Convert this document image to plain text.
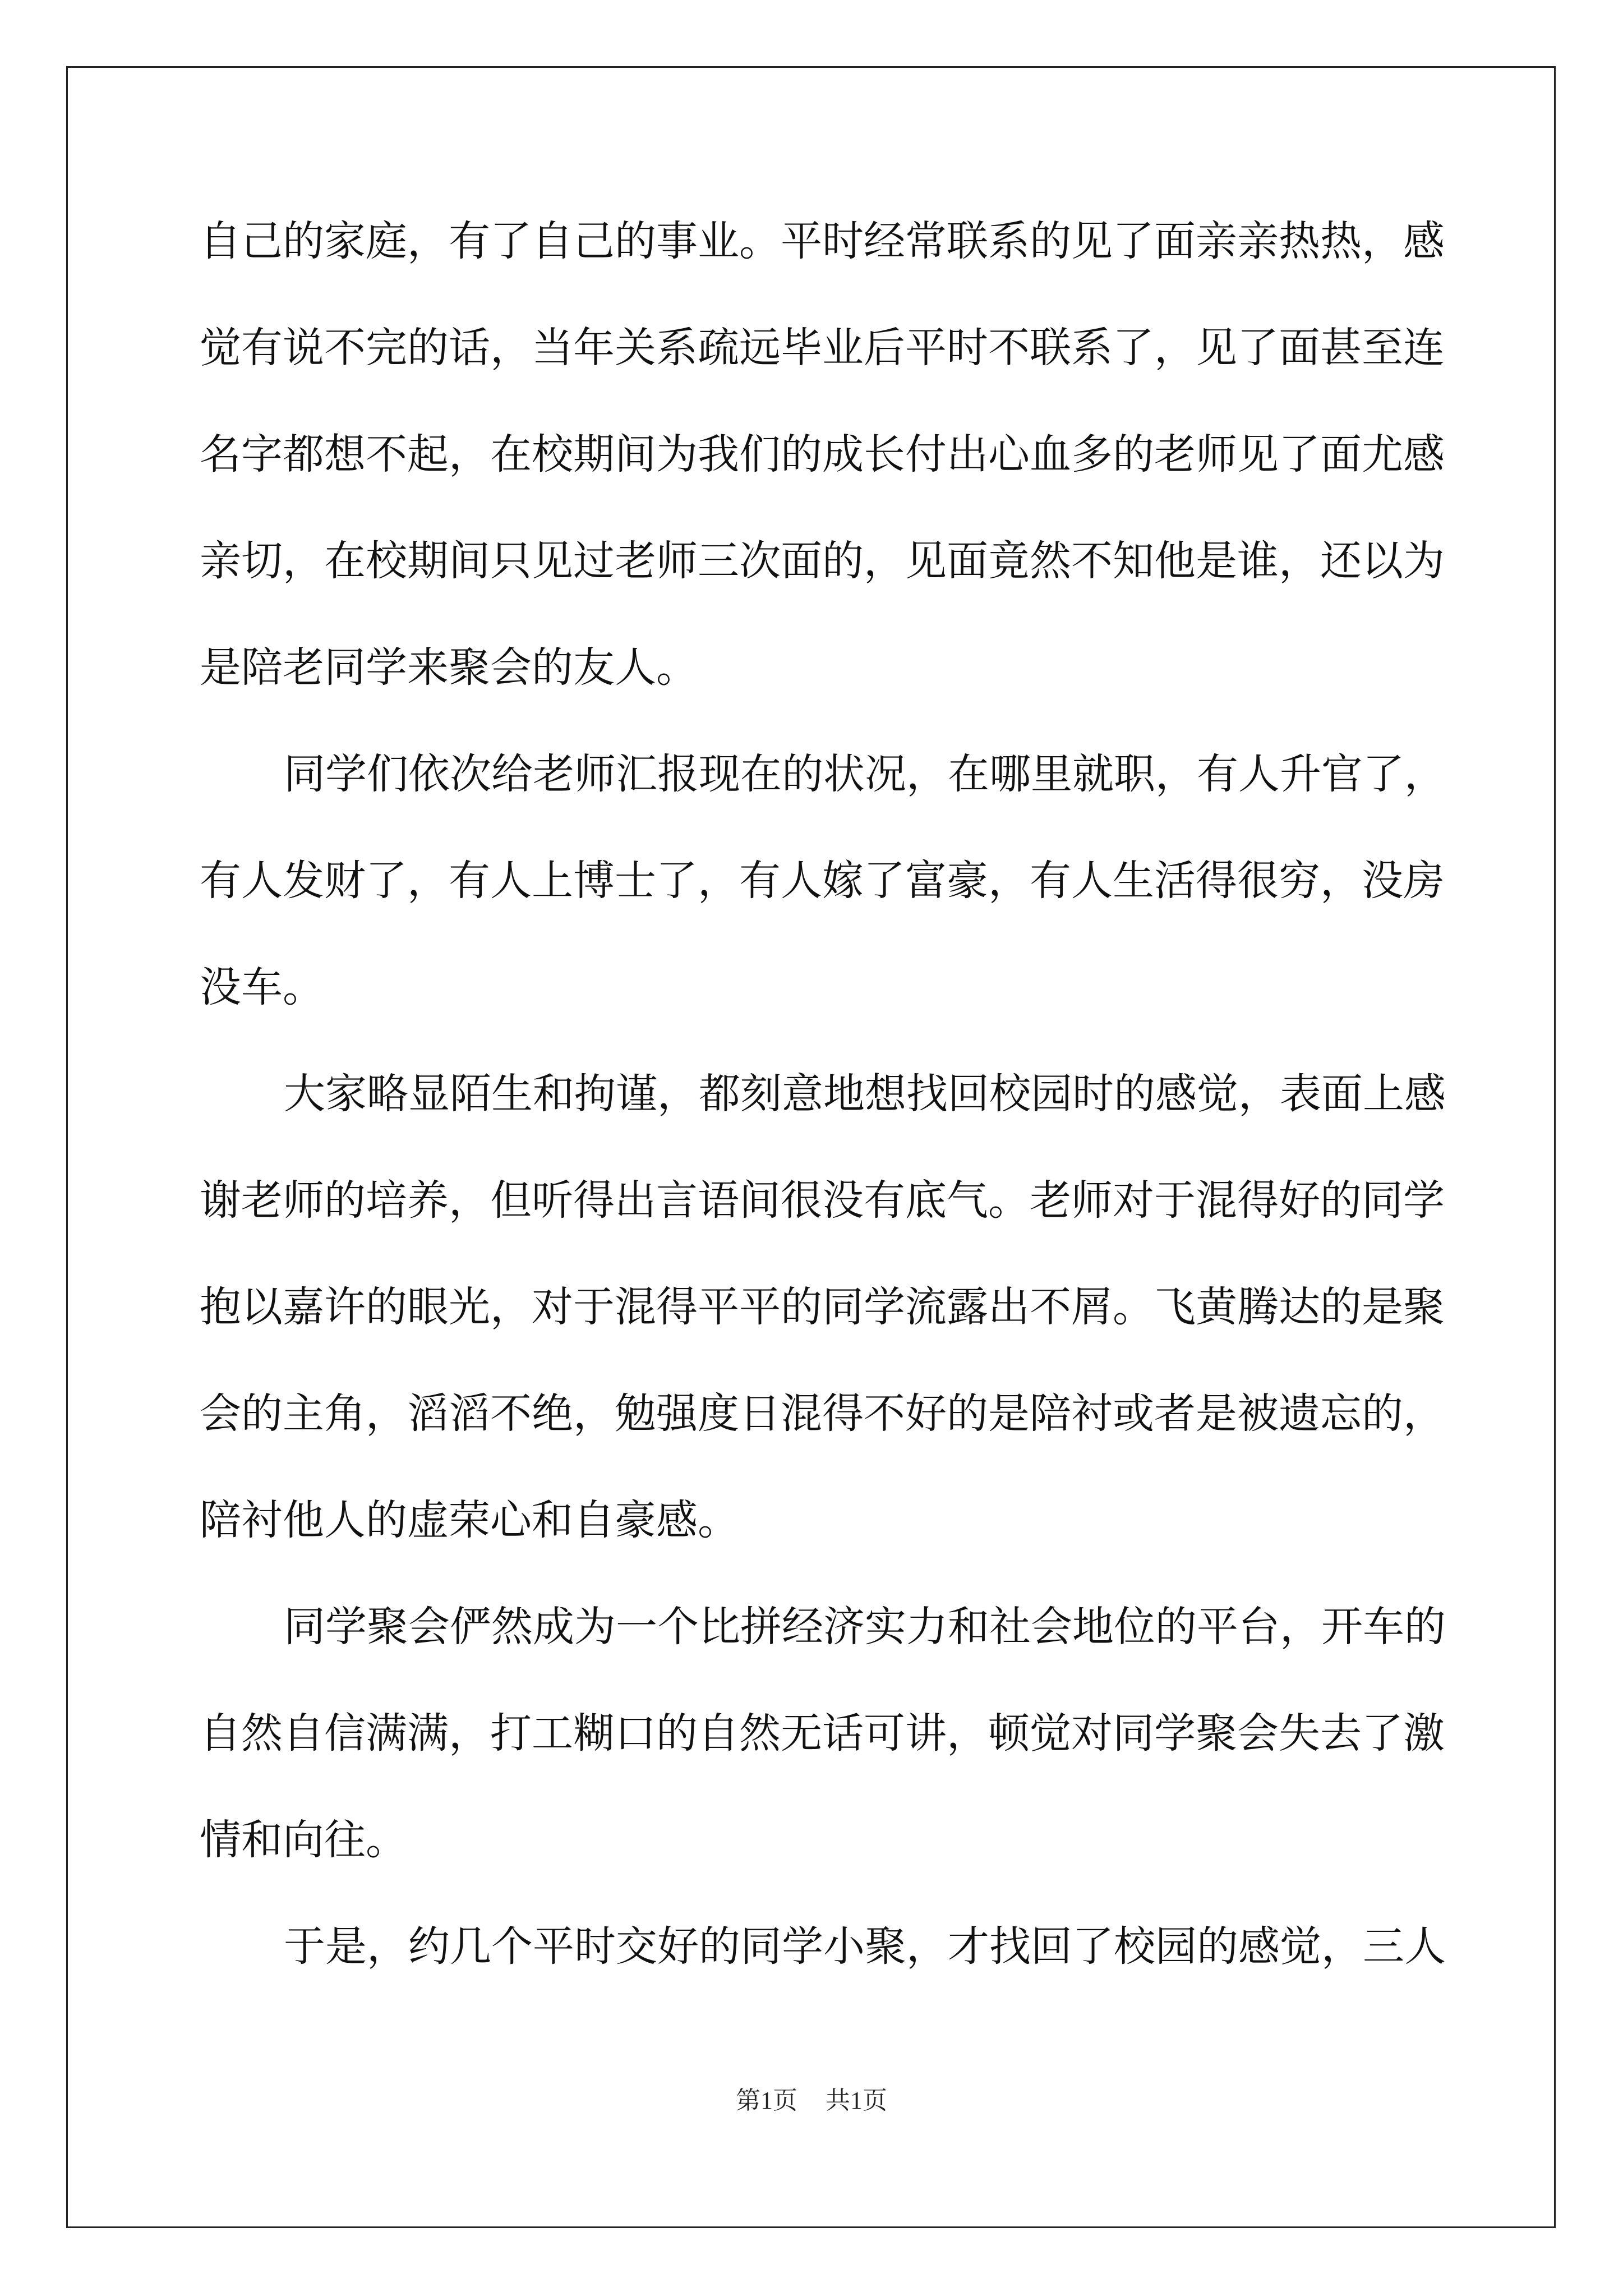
自己的家庭，有了自己的事业。平时经常联系的见了面亲亲热热，感
觉有说不完的话，当年关系疏远毕业后平时不联系了，见了面甚至连
名字都想不起，在校期间为我们的成长付出心血多的老师见了面尤感
亲切，在校期间只见过老师三次面的，见面竟然不知他是谁，还以为
是陪老同学来聚会的友人。
同学们依次给老师汇报现在的状况，在哪里就职，有人升官了，
有人发财了，有人上博士了，有人嫁了富豪，有人生活得很穷，没房
没车。
大家略显陌生和拘谨，都刻意地想找回校园时的感觉，表面上感
谢老师的培养，但听得出言语间很没有底气。老师对于混得好的同学
抱以嘉许的眼光，对于混得平平的同学流露出不屑。飞黄腾达的是聚
会的主角，滔滔不绝，勉强度日混得不好的是陪衬或者是被遗忘的，
陪衬他人的虚荣心和自豪感。
同学聚会俨然成为一个比拼经济实力和社会地位的平台，开车的
自然自信满满，打工糊口的自然无话可讲，顿觉对同学聚会失去了激
情和向往。
于是，约几个平时交好的同学小聚，才找回了校园的感觉，三人
第1页 共1页
